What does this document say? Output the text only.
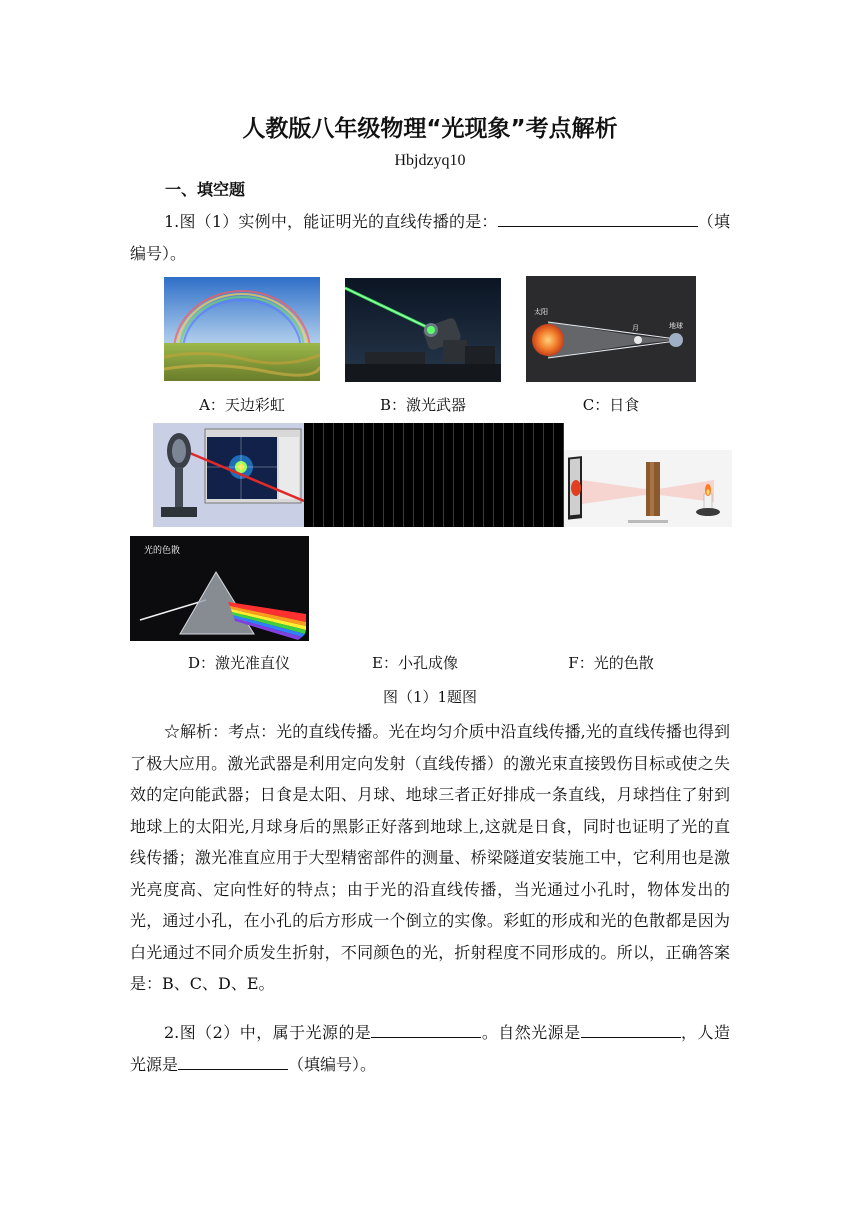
人教版八年级物理“光现象”考点解析
Hbjdzyq10
一、填空题
1.图（1）实例中，能证明光的直线传播的是：	（填编号）。
太阳
月	地球
A：天边彩虹	B：激光武器	C：日食
光的色散
D：激光准直仪	E：小孔成像	F：光的色散
图（1）1题图
☆解析：考点：光的直线传播。光在均匀介质中沿直线传播,光的直线传播也得到了极大应用。激光武器是利用定向发射（直线传播）的激光束直接毁伤目标或使之失效的定向能武器；日食是太阳、月球、地球三者正好排成一条直线，月球挡住了射到地球上的太阳光,月球身后的黑影正好落到地球上,这就是日食，同时也证明了光的直线传播；激光准直应用于大型精密部件的测量、桥梁隧道安装施工中，它利用也是激光亮度高、定向性好的特点；由于光的沿直线传播，当光通过小孔时，物体发出的光，通过小孔，在小孔的后方形成一个倒立的实像。彩虹的形成和光的色散都是因为白光通过不同介质发生折射，不同颜色的光，折射程度不同形成的。所以，正确答案是：B、C、D、E。
2.图（2）中，属于光源的是	。自然光源是	，人造光源是	（填编号）。
